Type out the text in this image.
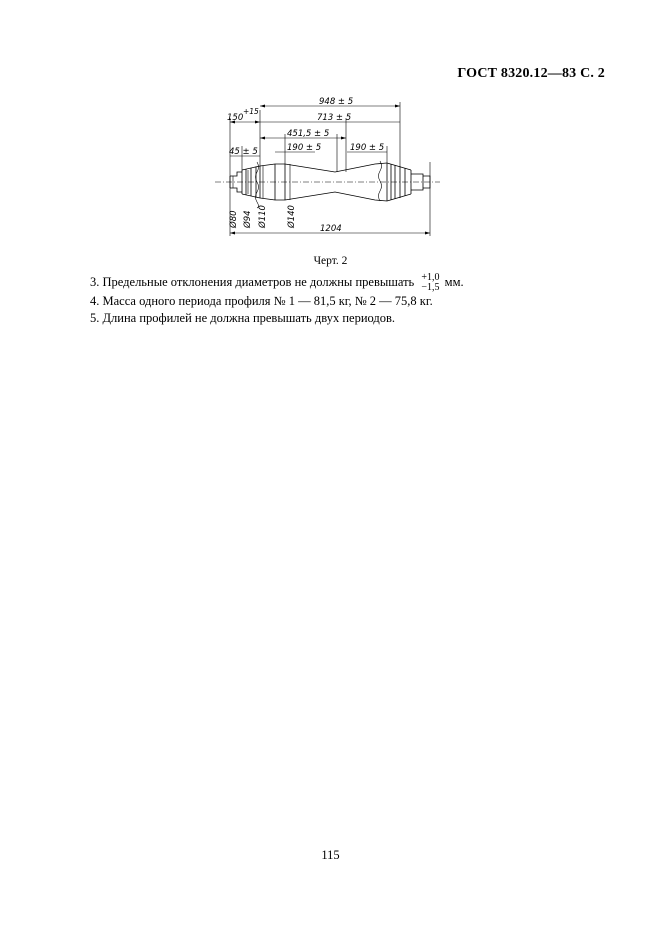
ГОСТ 8320.12—83 С. 2
948 ± 5
150
+15
713 ± 5
451,5 ± 5
45 ± 5	190 ± 5	190 ± 5
1204
Ø80 Ø94 Ø110 Ø140
Черт. 2

3. Предельные отклонения диаметров не должны превышать +1,0
−1,5 мм.

4. Масса одного периода профиля № 1 — 81,5 кг, № 2 — 75,8 кг.

5. Длина профилей не должна превышать двух периодов.

115
